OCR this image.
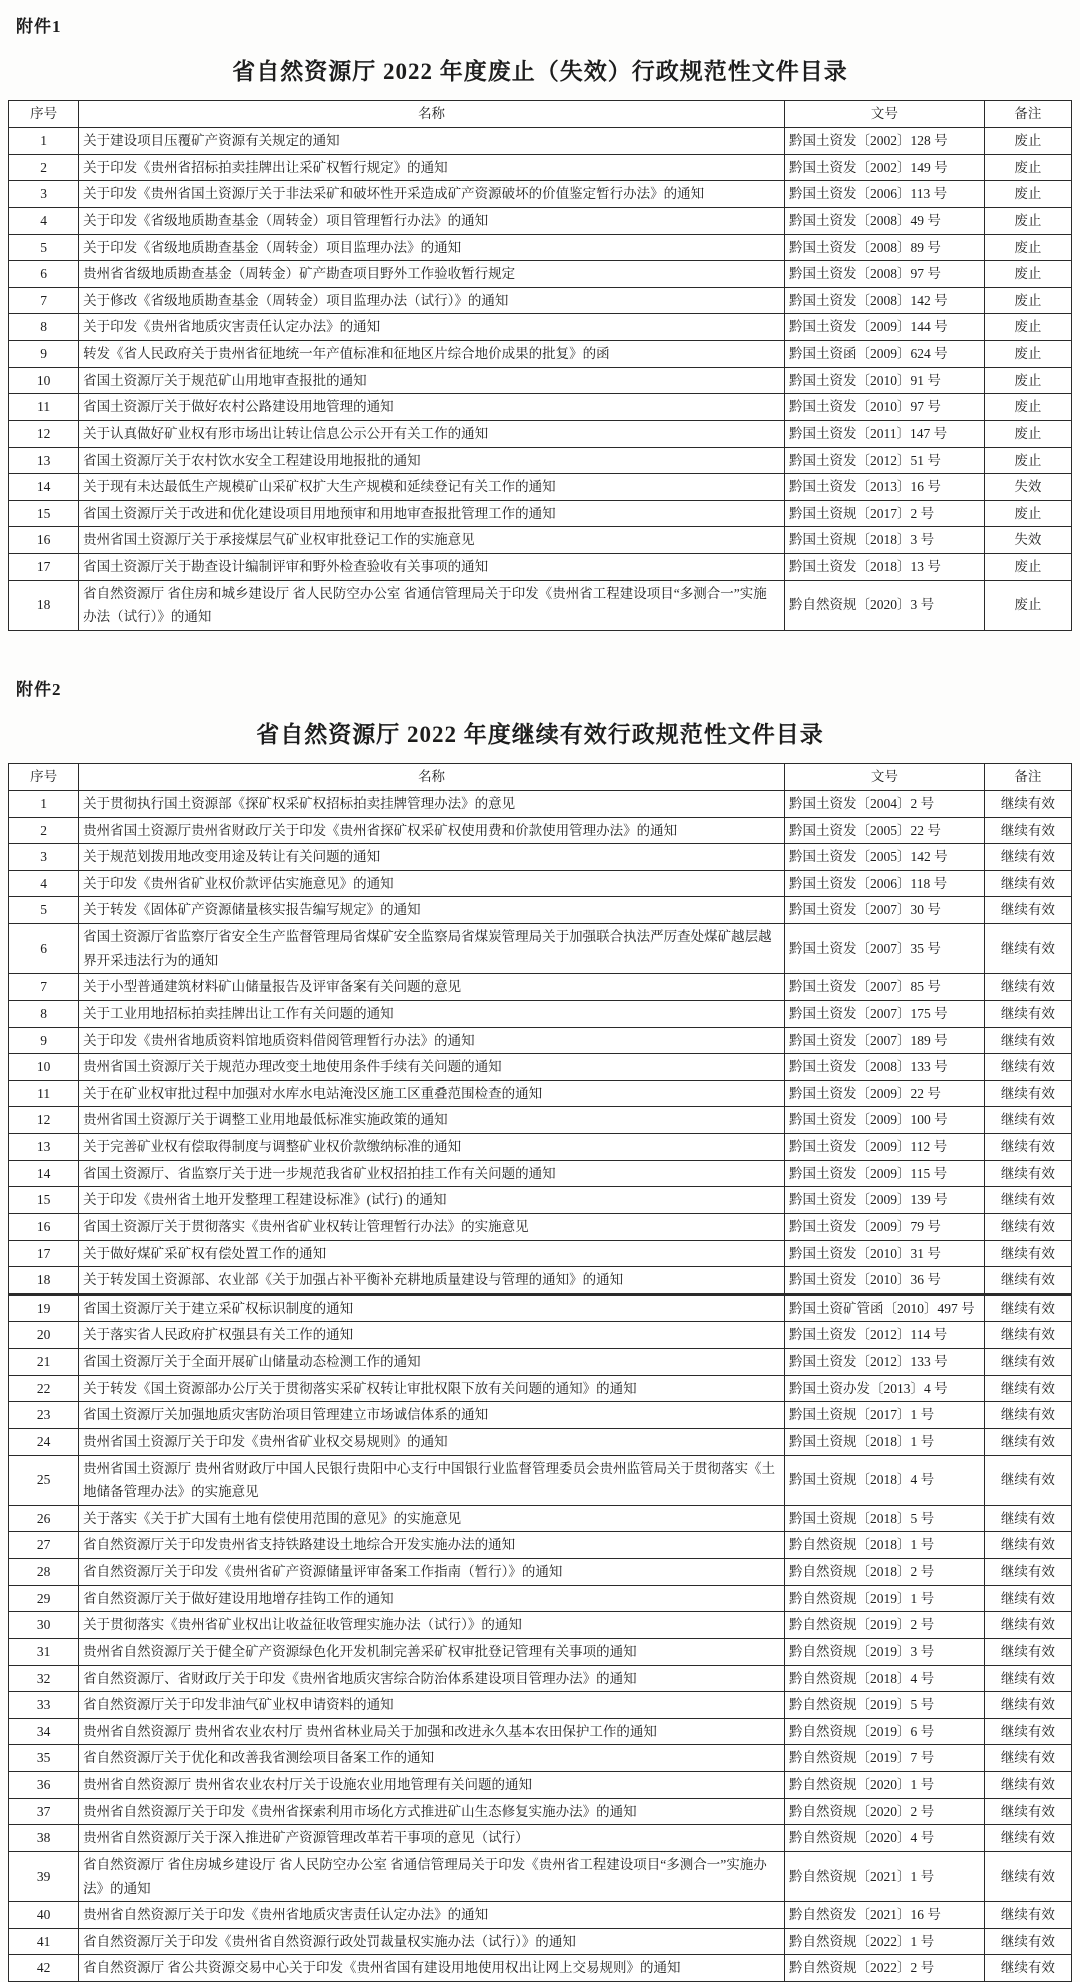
附件1
省自然资源厅 2022 年度废止（失效）行政规范性文件目录
序号	名称	文号	备注
1	关于建设项目压覆矿产资源有关规定的通知	黔国土资发〔2002〕128 号	废止
2	关于印发《贵州省招标拍卖挂牌出让采矿权暂行规定》的通知	黔国土资发〔2002〕149 号	废止
3	关于印发《贵州省国土资源厅关于非法采矿和破坏性开采造成矿产资源破坏的价值鉴定暂行办法》的通知	黔国土资发〔2006〕113 号	废止
4	关于印发《省级地质勘查基金（周转金）项目管理暂行办法》的通知	黔国土资发〔2008〕49 号	废止
5	关于印发《省级地质勘查基金（周转金）项目监理办法》的通知	黔国土资发〔2008〕89 号	废止
6	贵州省省级地质勘查基金（周转金）矿产勘查项目野外工作验收暂行规定	黔国土资发〔2008〕97 号	废止
7	关于修改《省级地质勘查基金（周转金）项目监理办法（试行）》的通知	黔国土资发〔2008〕142 号	废止
8	关于印发《贵州省地质灾害责任认定办法》的通知	黔国土资发〔2009〕144 号	废止
9	转发《省人民政府关于贵州省征地统一年产值标准和征地区片综合地价成果的批复》的函	黔国土资函〔2009〕624 号	废止
10	省国土资源厅关于规范矿山用地审查报批的通知	黔国土资发〔2010〕91 号	废止
11	省国土资源厅关于做好农村公路建设用地管理的通知	黔国土资发〔2010〕97 号	废止
12	关于认真做好矿业权有形市场出让转让信息公示公开有关工作的通知	黔国土资发〔2011〕147 号	废止
13	省国土资源厅关于农村饮水安全工程建设用地报批的通知	黔国土资发〔2012〕51 号	废止
14	关于现有未达最低生产规模矿山采矿权扩大生产规模和延续登记有关工作的通知	黔国土资发〔2013〕16 号	失效
15	省国土资源厅关于改进和优化建设项目用地预审和用地审查报批管理工作的通知	黔国土资规〔2017〕2 号	废止
16	贵州省国土资源厅关于承接煤层气矿业权审批登记工作的实施意见	黔国土资规〔2018〕3 号	失效
17	省国土资源厅关于勘查设计编制评审和野外检查验收有关事项的通知	黔国土资发〔2018〕13 号	废止
18	省自然资源厅 省住房和城乡建设厅 省人民防空办公室 省通信管理局关于印发《贵州省工程建设项目“多测合一”实施办法（试行）》的通知	黔自然资规〔2020〕3 号	废止
附件2
省自然资源厅 2022 年度继续有效行政规范性文件目录
序号	名称	文号	备注
1	关于贯彻执行国土资源部《探矿权采矿权招标拍卖挂牌管理办法》的意见	黔国土资发〔2004〕2 号	继续有效
2	贵州省国土资源厅贵州省财政厅关于印发《贵州省探矿权采矿权使用费和价款使用管理办法》的通知	黔国土资发〔2005〕22 号	继续有效
3	关于规范划拨用地改变用途及转让有关问题的通知	黔国土资发〔2005〕142 号	继续有效
4	关于印发《贵州省矿业权价款评估实施意见》的通知	黔国土资发〔2006〕118 号	继续有效
5	关于转发《固体矿产资源储量核实报告编写规定》的通知	黔国土资发〔2007〕30 号	继续有效
6	省国土资源厅省监察厅省安全生产监督管理局省煤矿安全监察局省煤炭管理局关于加强联合执法严厉查处煤矿越层越界开采违法行为的通知	黔国土资发〔2007〕35 号	继续有效
7	关于小型普通建筑材料矿山储量报告及评审备案有关问题的意见	黔国土资发〔2007〕85 号	继续有效
8	关于工业用地招标拍卖挂牌出让工作有关问题的通知	黔国土资发〔2007〕175 号	继续有效
9	关于印发《贵州省地质资料馆地质资料借阅管理暂行办法》的通知	黔国土资发〔2007〕189 号	继续有效
10	贵州省国土资源厅关于规范办理改变土地使用条件手续有关问题的通知	黔国土资发〔2008〕133 号	继续有效
11	关于在矿业权审批过程中加强对水库水电站淹没区施工区重叠范围检查的通知	黔国土资发〔2009〕22 号	继续有效
12	贵州省国土资源厅关于调整工业用地最低标准实施政策的通知	黔国土资发〔2009〕100 号	继续有效
13	关于完善矿业权有偿取得制度与调整矿业权价款缴纳标准的通知	黔国土资发〔2009〕112 号	继续有效
14	省国土资源厅、省监察厅关于进一步规范我省矿业权招拍挂工作有关问题的通知	黔国土资发〔2009〕115 号	继续有效
15	关于印发《贵州省土地开发整理工程建设标准》(试行) 的通知	黔国土资发〔2009〕139 号	继续有效
16	省国土资源厅关于贯彻落实《贵州省矿业权转让管理暂行办法》的实施意见	黔国土资发〔2009〕79 号	继续有效
17	关于做好煤矿采矿权有偿处置工作的通知	黔国土资发〔2010〕31 号	继续有效
18	关于转发国土资源部、农业部《关于加强占补平衡补充耕地质量建设与管理的通知》的通知	黔国土资发〔2010〕36 号	继续有效
19	省国土资源厅关于建立采矿权标识制度的通知	黔国土资矿管函〔2010〕497 号	继续有效
20	关于落实省人民政府扩权强县有关工作的通知	黔国土资发〔2012〕114 号	继续有效
21	省国土资源厅关于全面开展矿山储量动态检测工作的通知	黔国土资发〔2012〕133 号	继续有效
22	关于转发《国土资源部办公厅关于贯彻落实采矿权转让审批权限下放有关问题的通知》的通知	黔国土资办发〔2013〕4 号	继续有效
23	省国土资源厅关加强地质灾害防治项目管理建立市场诚信体系的通知	黔国土资规〔2017〕1 号	继续有效
24	贵州省国土资源厅关于印发《贵州省矿业权交易规则》的通知	黔国土资规〔2018〕1 号	继续有效
25	贵州省国土资源厅 贵州省财政厅中国人民银行贵阳中心支行中国银行业监督管理委员会贵州监管局关于贯彻落实《土地储备管理办法》的实施意见	黔国土资规〔2018〕4 号	继续有效
26	关于落实《关于扩大国有土地有偿使用范围的意见》的实施意见	黔国土资规〔2018〕5 号	继续有效
27	省自然资源厅关于印发贵州省支持铁路建设土地综合开发实施办法的通知	黔自然资规〔2018〕1 号	继续有效
28	省自然资源厅关于印发《贵州省矿产资源储量评审备案工作指南（暂行）》的通知	黔自然资规〔2018〕2 号	继续有效
29	省自然资源厅关于做好建设用地增存挂钩工作的通知	黔自然资规〔2019〕1 号	继续有效
30	关于贯彻落实《贵州省矿业权出让收益征收管理实施办法（试行）》的通知	黔自然资规〔2019〕2 号	继续有效
31	贵州省自然资源厅关于健全矿产资源绿色化开发机制完善采矿权审批登记管理有关事项的通知	黔自然资规〔2019〕3 号	继续有效
32	省自然资源厅、省财政厅关于印发《贵州省地质灾害综合防治体系建设项目管理办法》的通知	黔自然资规〔2018〕4 号	继续有效
33	省自然资源厅关于印发非油气矿业权申请资料的通知	黔自然资规〔2019〕5 号	继续有效
34	贵州省自然资源厅 贵州省农业农村厅 贵州省林业局关于加强和改进永久基本农田保护工作的通知	黔自然资规〔2019〕6 号	继续有效
35	省自然资源厅关于优化和改善我省测绘项目备案工作的通知	黔自然资规〔2019〕7 号	继续有效
36	贵州省自然资源厅 贵州省农业农村厅关于设施农业用地管理有关问题的通知	黔自然资规〔2020〕1 号	继续有效
37	贵州省自然资源厅关于印发《贵州省探索利用市场化方式推进矿山生态修复实施办法》的通知	黔自然资规〔2020〕2 号	继续有效
38	贵州省自然资源厅关于深入推进矿产资源管理改革若干事项的意见（试行）	黔自然资规〔2020〕4 号	继续有效
39	省自然资源厅 省住房城乡建设厅 省人民防空办公室 省通信管理局关于印发《贵州省工程建设项目“多测合一”实施办法》的通知	黔自然资规〔2021〕1 号	继续有效
40	贵州省自然资源厅关于印发《贵州省地质灾害责任认定办法》的通知	黔自然资发〔2021〕16 号	继续有效
41	省自然资源厅关于印发《贵州省自然资源行政处罚裁量权实施办法（试行）》的通知	黔自然资规〔2022〕1 号	继续有效
42	省自然资源厅 省公共资源交易中心关于印发《贵州省国有建设用地使用权出让网上交易规则》的通知	黔自然资规〔2022〕2 号	继续有效
